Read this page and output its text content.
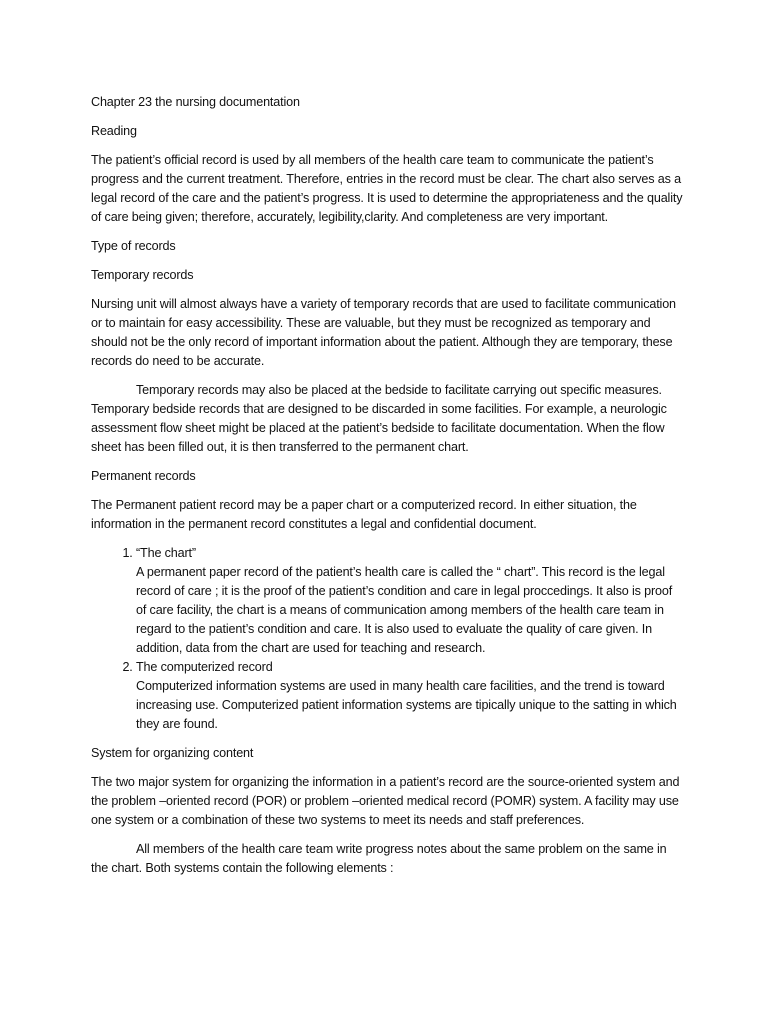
Chapter 23 the nursing documentation

Reading

The patient’s official record is used by all members of the health care team to communicate the patient’s progress and the current treatment. Therefore, entries in the record must be clear. The chart also serves as a legal record of the care and the patient’s progress. It is used to determine the appropriateness and the quality of care being given; therefore, accurately, legibility,clarity. And completeness are very important.

Type of records

Temporary records

Nursing unit will almost always have a variety of temporary records that are used to facilitate communication or to maintain for easy accessibility. These are valuable, but they must be recognized as temporary and should not be the only record of important information about the patient. Although they are temporary, these records do need to be accurate.

Temporary records may also be placed at the bedside to facilitate carrying out specific measures. Temporary bedside records that are designed to be discarded in some facilities. For example, a neurologic assessment flow sheet might be placed at the patient’s bedside to facilitate documentation. When the flow sheet has been filled out, it is then transferred to the permanent chart.

Permanent records

The Permanent patient record may be a paper chart or a computerized record. In either situation, the information in the permanent record constitutes a legal and confidential document.

1. “The chart”
A permanent paper record of the patient’s health care is called the “ chart”. This record is the legal record of care ; it is the proof of the patient’s condition and care in legal proccedings. It also is proof of care facility, the chart is a means of communication among members of the health care team in regard to the patient’s condition and care. It is also used to evaluate the quality of care given. In addition, data from the chart are used for teaching and research.
2. The computerized record
Computerized information systems are used in many health care facilities, and the trend is toward increasing use. Computerized patient information systems are tipically unique to the satting in which they are found.

System for organizing content

The two major system for organizing the information in a patient’s record are the source-oriented system and the problem –oriented record (POR) or problem –oriented medical record (POMR) system. A facility may use one system or a combination of these two systems to meet its needs and staff preferences.

All members of the health care team write progress notes about the same problem on the same in the chart. Both systems contain the following elements :
